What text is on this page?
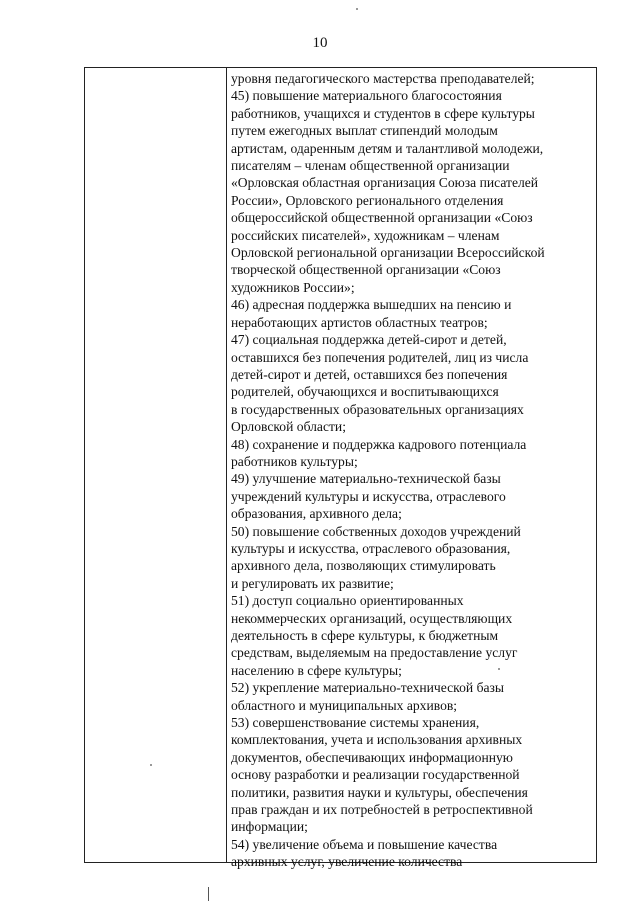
10
уровня педагогического мастерства преподавателей;
45) повышение материального благосостояния
работников, учащихся и студентов в сфере культуры
путем ежегодных выплат стипендий молодым
артистам, одаренным детям и талантливой молодежи,
писателям – членам общественной организации
«Орловская областная организация Союза писателей
России», Орловского регионального отделения
общероссийской общественной организации «Союз
российских писателей», художникам – членам
Орловской региональной организации Всероссийской
творческой общественной организации «Союз
художников России»;
46) адресная поддержка вышедших на пенсию и
неработающих артистов областных театров;
47) социальная поддержка детей-сирот и детей,
оставшихся без попечения родителей, лиц из числа
детей-сирот и детей, оставшихся без попечения
родителей, обучающихся и воспитывающихся
в государственных образовательных организациях
Орловской области;
48) сохранение и поддержка кадрового потенциала
работников культуры;
49) улучшение материально-технической базы
учреждений культуры и искусства, отраслевого
образования, архивного дела;
50) повышение собственных доходов учреждений
культуры и искусства, отраслевого образования,
архивного дела, позволяющих стимулировать
и регулировать их развитие;
51) доступ социально ориентированных
некоммерческих организаций, осуществляющих
деятельность в сфере культуры, к бюджетным
средствам, выделяемым на предоставление услуг
населению в сфере культуры;
52) укрепление материально-технической базы
областного и муниципальных архивов;
53) совершенствование системы хранения,
комплектования, учета и использования архивных
документов, обеспечивающих информационную
основу разработки и реализации государственной
политики, развития науки и культуры, обеспечения
прав граждан и их потребностей в ретроспективной
информации;
54) увеличение объема и повышение качества
архивных услуг, увеличение количества
